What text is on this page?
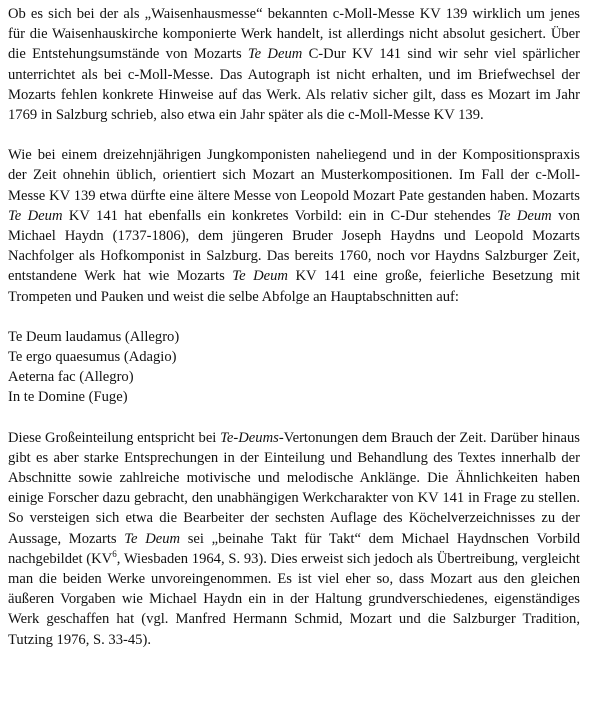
Ob es sich bei der als „Waisenhausmesse“ bekannten c-Moll-Messe KV 139 wirklich um jenes für die Waisenhauskirche komponierte Werk handelt, ist allerdings nicht absolut gesichert. Über die Entstehungsumstände von Mozarts Te Deum C-Dur KV 141 sind wir sehr viel spärlicher unterrichtet als bei c-Moll-Messe. Das Autograph ist nicht erhalten, und im Briefwechsel der Mozarts fehlen konkrete Hinweise auf das Werk. Als relativ sicher gilt, dass es Mozart im Jahr 1769 in Salzburg schrieb, also etwa ein Jahr später als die c-Moll-Messe KV 139.

Wie bei einem dreizehnjährigen Jungkomponisten naheliegend und in der Kompositionspraxis der Zeit ohnehin üblich, orientiert sich Mozart an Musterkompositionen. Im Fall der c-Moll-Messe KV 139 etwa dürfte eine ältere Messe von Leopold Mozart Pate gestanden haben. Mozarts Te Deum KV 141 hat ebenfalls ein konkretes Vorbild: ein in C-Dur stehendes Te Deum von Michael Haydn (1737-1806), dem jüngeren Bruder Joseph Haydns und Leopold Mozarts Nachfolger als Hofkomponist in Salzburg. Das bereits 1760, noch vor Haydns Salzburger Zeit, entstandene Werk hat wie Mozarts Te Deum KV 141 eine große, feierliche Besetzung mit Trompeten und Pauken und weist die selbe Abfolge an Hauptabschnitten auf:

Te Deum laudamus (Allegro)

Te ergo quaesumus (Adagio)

Aeterna fac (Allegro)

In te Domine (Fuge)

Diese Großeinteilung entspricht bei Te-Deums-Vertonungen dem Brauch der Zeit. Darüber hinaus gibt es aber starke Entsprechungen in der Einteilung und Behandlung des Textes innerhalb der Abschnitte sowie zahlreiche motivische und melodische Anklänge. Die Ähnlichkeiten haben einige Forscher dazu gebracht, den unabhängigen Werkcharakter von KV 141 in Frage zu stellen. So versteigen sich etwa die Bearbeiter der sechsten Auflage des Köchelverzeichnisses zu der Aussage, Mozarts Te Deum sei „beinahe Takt für Takt“ dem Michael Haydnschen Vorbild nachgebildet ($KV^6$, Wiesbaden 1964, S. 93). Dies erweist sich jedoch als Übertreibung, vergleicht man die beiden Werke unvoreingenommen. Es ist viel eher so, dass Mozart aus den gleichen äußeren Vorgaben wie Michael Haydn ein in der Haltung grundverschiedenes, eigenständiges Werk geschaffen hat (vgl. Manfred Hermann Schmid, Mozart und die Salzburger Tradition, Tutzing 1976, S. 33-45).
